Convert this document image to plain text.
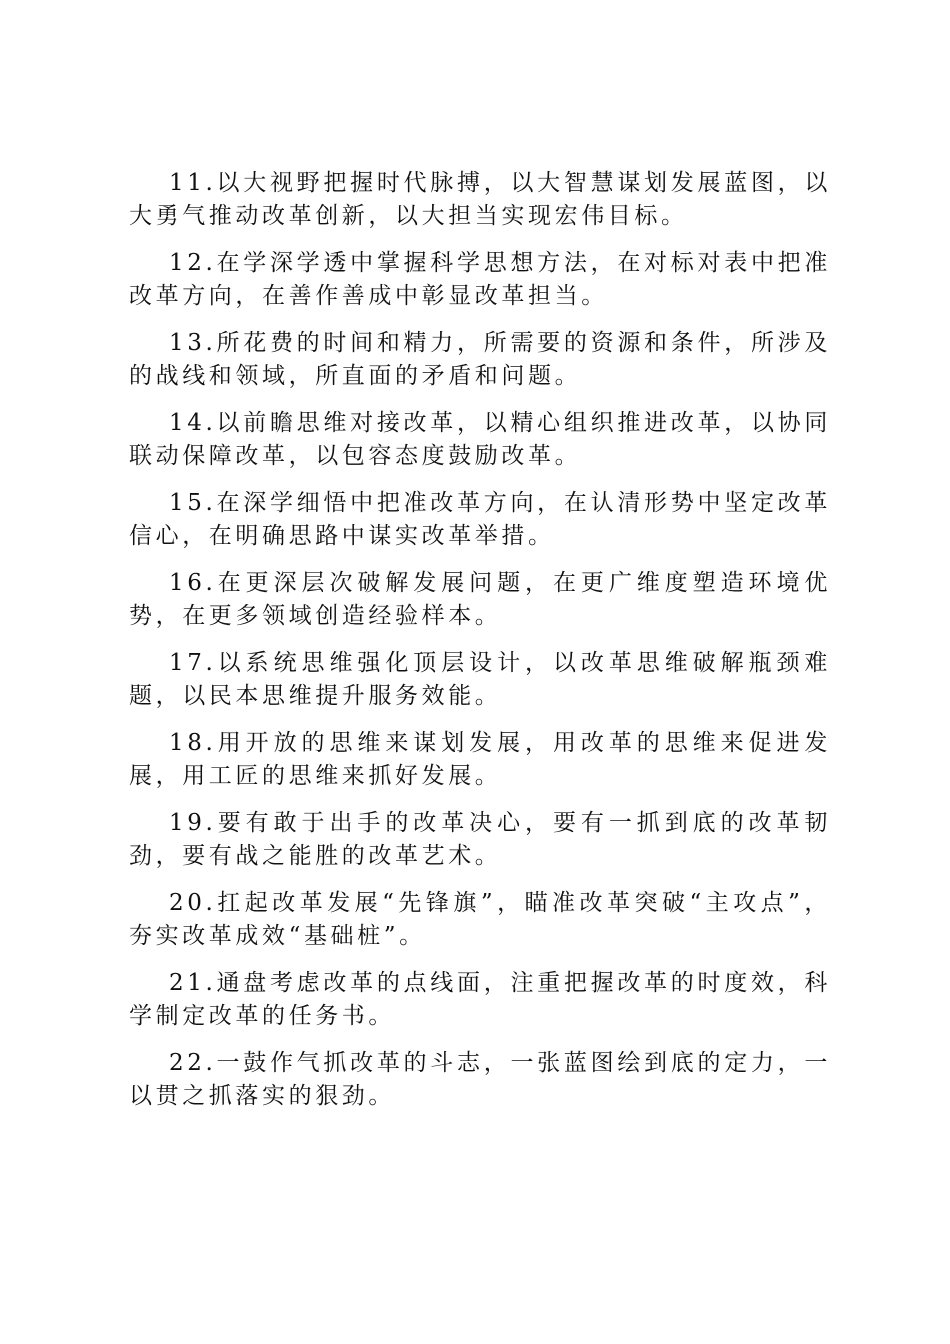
11.以大视野把握时代脉搏，以大智慧谋划发展蓝图，以大勇气推动改革创新，以大担当实现宏伟目标。

12.在学深学透中掌握科学思想方法，在对标对表中把准改革方向，在善作善成中彰显改革担当。

13.所花费的时间和精力，所需要的资源和条件，所涉及的战线和领域，所直面的矛盾和问题。

14.以前瞻思维对接改革，以精心组织推进改革，以协同联动保障改革，以包容态度鼓励改革。

15.在深学细悟中把准改革方向，在认清形势中坚定改革信心，在明确思路中谋实改革举措。

16.在更深层次破解发展问题，在更广维度塑造环境优势，在更多领域创造经验样本。

17.以系统思维强化顶层设计，以改革思维破解瓶颈难题，以民本思维提升服务效能。

18.用开放的思维来谋划发展，用改革的思维来促进发展，用工匠的思维来抓好发展。

19.要有敢于出手的改革决心，要有一抓到底的改革韧劲，要有战之能胜的改革艺术。

20.扛起改革发展“先锋旗”，瞄准改革突破“主攻点”，夯实改革成效“基础桩”。

21.通盘考虑改革的点线面，注重把握改革的时度效，科学制定改革的任务书。

22.一鼓作气抓改革的斗志，一张蓝图绘到底的定力，一以贯之抓落实的狠劲。
